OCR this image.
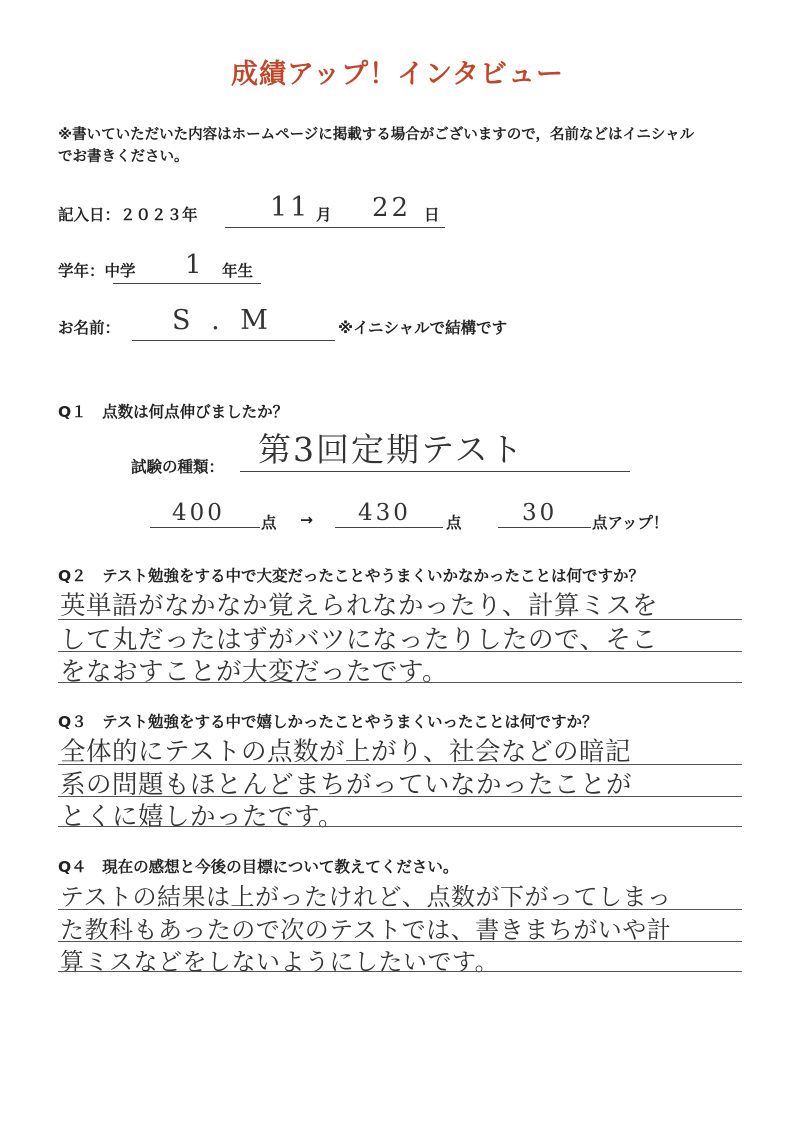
成績アップ！インタビュー
※書いていただいた内容はホームページに掲載する場合がございますので，名前などはイニシャル
でお書きください。
記入日：２０２３年	11 月 22 日
学年：中学 1 年生
お名前： S . M	※イニシャルで結構です
Q１　点数は何点伸びましたか？
試験の種類： 第3回定期テスト
400 点 → 430 点	30 点アップ！
Q２　テスト勉強をする中で大変だったことやうまくいかなかったことは何ですか？
英単語がなかなか覚えられなかったり、計算ミスを
して丸だったはずがバツになったりしたので、そこ
をなおすことが大変だったです。
Q３　テスト勉強をする中で嬉しかったことやうまくいったことは何ですか？
全体的にテストの点数が上がり、社会などの暗記
系の問題もほとんどまちがっていなかったことが
とくに嬉しかったです。
Q４　現在の感想と今後の目標について教えてください。
テストの結果は上がったけれど、点数が下がってしまっ
た教科もあったので次のテストでは、書きまちがいや計
算ミスなどをしないようにしたいです。
